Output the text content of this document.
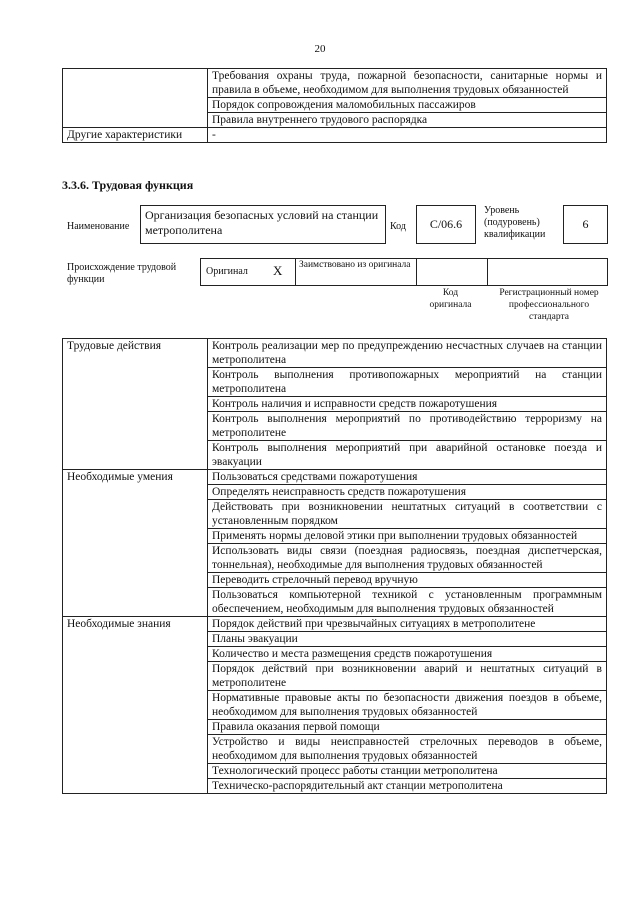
20
	Требования охраны труда, пожарной безопасности, санитарные нормы и правила в объеме, необходимом для выполнения трудовых обязанностей
	Порядок сопровождения маломобильных пассажиров
	Правила внутреннего трудового распорядка
Другие характеристики	-
3.3.6. Трудовая функция
Наименование
Организация безопасных условий на станции метрополитена	Код	C/06.6
Уровень (подуровень) квалификации
6
Происхождение трудовой функции
Оригинал X Заимствовано из оригинала
Код оригинала
Регистрационный номер профессионального стандарта
Трудовые действия	Контроль реализации мер по предупреждению несчастных случаев на станции метрополитена
	Контроль выполнения противопожарных мероприятий на станции метрополитена
	Контроль наличия и исправности средств пожаротушения
	Контроль выполнения мероприятий по противодействию терроризму на метрополитене
	Контроль выполнения мероприятий при аварийной остановке поезда и эвакуации
Необходимые умения	Пользоваться средствами пожаротушения
	Определять неисправность средств пожаротушения
	Действовать при возникновении нештатных ситуаций в соответствии с установленным порядком
	Применять нормы деловой этики при выполнении трудовых обязанностей
	Использовать виды связи (поездная радиосвязь, поездная диспетчерская, тоннельная), необходимые для выполнения трудовых обязанностей
	Переводить стрелочный перевод вручную
	Пользоваться компьютерной техникой с установленным программным обеспечением, необходимым для выполнения трудовых обязанностей
Необходимые знания	Порядок действий при чрезвычайных ситуациях в метрополитене
	Планы эвакуации
	Количество и места размещения средств пожаротушения
	Порядок действий при возникновении аварий и нештатных ситуаций в метрополитене
	Нормативные правовые акты по безопасности движения поездов в объеме, необходимом для выполнения трудовых обязанностей
	Правила оказания первой помощи
	Устройство и виды неисправностей стрелочных переводов в объеме, необходимом для выполнения трудовых обязанностей
	Технологический процесс работы станции метрополитена
	Техническо-распорядительный акт станции метрополитена
